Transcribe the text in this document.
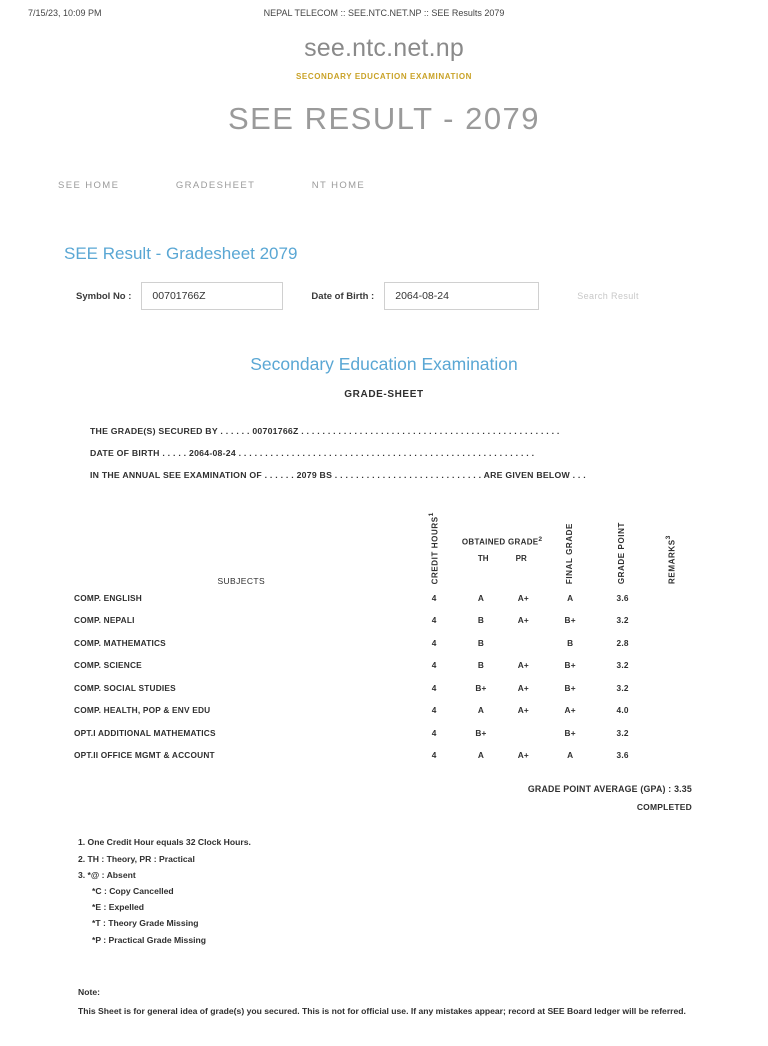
7/15/23, 10:09 PM	NEPAL TELECOM :: SEE.NTC.NET.NP :: SEE Results 2079
see.ntc.net.np
SECONDARY EDUCATION EXAMINATION
SEE RESULT - 2079
SEE HOME	GRADESHEET	NT HOME
SEE Result - Gradesheet 2079
Symbol No :
00701766Z	Date of Birth :
2064-08-24	Search Result
Secondary Education Examination
GRADE-SHEET
THE GRADE(S) SECURED BY . . . . . . 00701766Z . . . . . . . . . . . . . . . . . . . . . . . . . . . . . . . . . . . . . . . . . . . . . . . . .
DATE OF BIRTH . . . . . 2064-08-24 . . . . . . . . . . . . . . . . . . . . . . . . . . . . . . . . . . . . . . . . . . . . . . . . . . . . . . . .
IN THE ANNUAL SEE EXAMINATION OF . . . . . . 2079 BS . . . . . . . . . . . . . . . . . . . . . . . . . . . . ARE GIVEN BELOW . . .
SUBJECTS	CREDIT HOURS$^1$	OBTAINED GRADE$^2$
TH PR		FINAL GRADE	GRADE POINT	REMARKS$^3$
COMP. ENGLISH	4	A	A+	A	3.6	
COMP. NEPALI	4	B	A+	B+	3.2	
COMP. MATHEMATICS	4	B		B	2.8	
COMP. SCIENCE	4	B	A+	B+	3.2	
COMP. SOCIAL STUDIES	4	B+	A+	B+	3.2	
COMP. HEALTH, POP & ENV EDU	4	A	A+	A+	4.0	
OPT.I ADDITIONAL MATHEMATICS	4	B+		B+	3.2	
OPT.II OFFICE MGMT & ACCOUNT	4	A	A+	A	3.6	
GRADE POINT AVERAGE (GPA) : 3.35
COMPLETED
1. One Credit Hour equals 32 Clock Hours.
2. TH : Theory, PR : Practical
3. *@ : Absent
*C : Copy Cancelled
*E : Expelled
*T : Theory Grade Missing
*P : Practical Grade Missing
Note:
This Sheet is for general idea of grade(s) you secured. This is not for official use. If any mistakes appear; record at SEE Board ledger will be referred.
